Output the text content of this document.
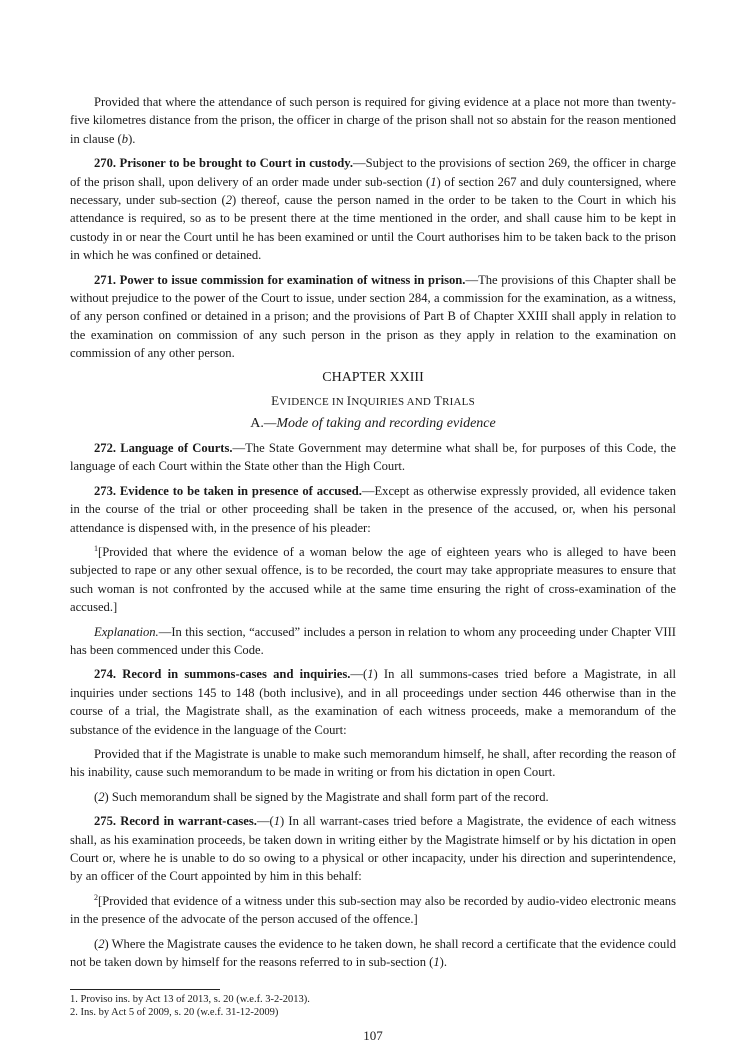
Provided that where the attendance of such person is required for giving evidence at a place not more than twenty-five kilometres distance from the prison, the officer in charge of the prison shall not so abstain for the reason mentioned in clause (b).

270. Prisoner to be brought to Court in custody.—Subject to the provisions of section 269, the officer in charge of the prison shall, upon delivery of an order made under sub-section (1) of section 267 and duly countersigned, where necessary, under sub-section (2) thereof, cause the person named in the order to be taken to the Court in which his attendance is required, so as to be present there at the time mentioned in the order, and shall cause him to be kept in custody in or near the Court until he has been examined or until the Court authorises him to be taken back to the prison in which he was confined or detained.

271. Power to issue commission for examination of witness in prison.—The provisions of this Chapter shall be without prejudice to the power of the Court to issue, under section 284, a commission for the examination, as a witness, of any person confined or detained in a prison; and the provisions of Part B of Chapter XXIII shall apply in relation to the examination on commission of any such person in the prison as they apply in relation to the examination on commission of any other person.

CHAPTER XXIII

EVIDENCE IN INQUIRIES AND TRIALS

A.—Mode of taking and recording evidence

272. Language of Courts.—The State Government may determine what shall be, for purposes of this Code, the language of each Court within the State other than the High Court.

273. Evidence to be taken in presence of accused.—Except as otherwise expressly provided, all evidence taken in the course of the trial or other proceeding shall be taken in the presence of the accused, or, when his personal attendance is dispensed with, in the presence of his pleader:

$^1$[Provided that where the evidence of a woman below the age of eighteen years who is alleged to have been subjected to rape or any other sexual offence, is to be recorded, the court may take appropriate measures to ensure that such woman is not confronted by the accused while at the same time ensuring the right of cross-examination of the accused.]

Explanation.—In this section, “accused” includes a person in relation to whom any proceeding under Chapter VIII has been commenced under this Code.

274. Record in summons-cases and inquiries.—(1) In all summons-cases tried before a Magistrate, in all inquiries under sections 145 to 148 (both inclusive), and in all proceedings under section 446 otherwise than in the course of a trial, the Magistrate shall, as the examination of each witness proceeds, make a memorandum of the substance of the evidence in the language of the Court:

Provided that if the Magistrate is unable to make such memorandum himself, he shall, after recording the reason of his inability, cause such memorandum to be made in writing or from his dictation in open Court.

(2) Such memorandum shall be signed by the Magistrate and shall form part of the record.

275. Record in warrant-cases.—(1) In all warrant-cases tried before a Magistrate, the evidence of each witness shall, as his examination proceeds, be taken down in writing either by the Magistrate himself or by his dictation in open Court or, where he is unable to do so owing to a physical or other incapacity, under his direction and superintendence, by an officer of the Court appointed by him in this behalf:

$^2$[Provided that evidence of a witness under this sub-section may also be recorded by audio-video electronic means in the presence of the advocate of the person accused of the offence.]

(2) Where the Magistrate causes the evidence to he taken down, he shall record a certificate that the evidence could not be taken down by himself for the reasons referred to in sub-section (1).

1. Proviso ins. by Act 13 of 2013, s. 20 (w.e.f. 3-2-2013).

2. Ins. by Act 5 of 2009, s. 20 (w.e.f. 31-12-2009)

107
